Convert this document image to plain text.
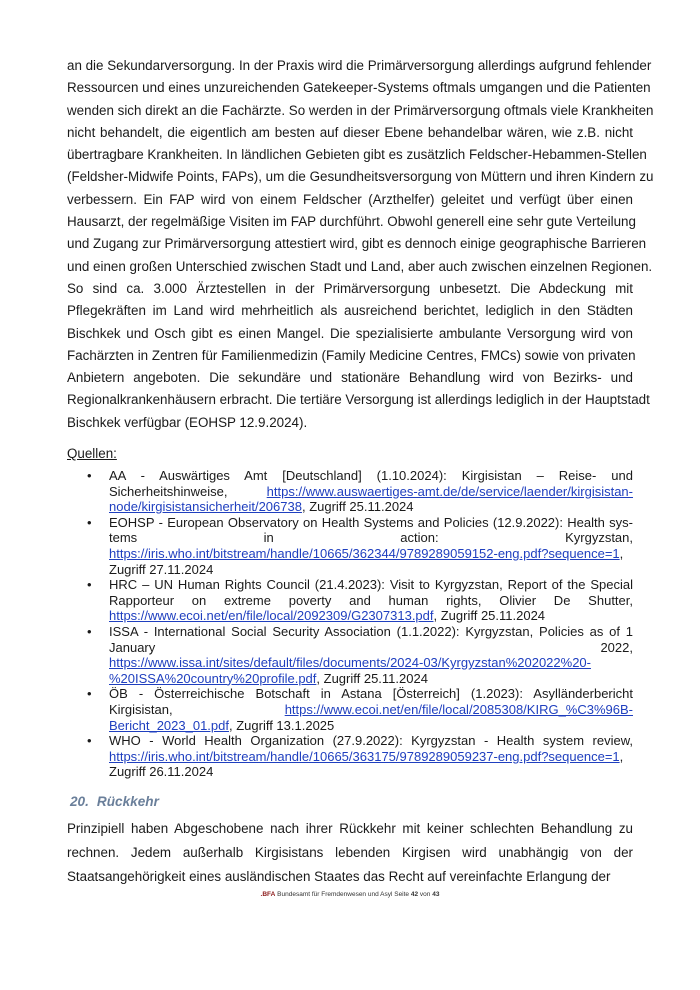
an die Sekundarversorgung. In der Praxis wird die Primärversorgung allerdings aufgrund fehlender
Ressourcen und eines unzureichenden Gatekeeper-Systems oftmals umgangen und die Patienten
wenden sich direkt an die Fachärzte. So werden in der Primärversorgung oftmals viele Krankheiten
nicht behandelt, die eigentlich am besten auf dieser Ebene behandelbar wären, wie z.B. nicht
übertragbare Krankheiten. In ländlichen Gebieten gibt es zusätzlich Feldscher-Hebammen-Stellen
(Feldsher-Midwife Points, FAPs), um die Gesundheitsversorgung von Müttern und ihren Kindern zu
verbessern. Ein FAP wird von einem Feldscher (Arzthelfer) geleitet und verfügt über einen
Hausarzt, der regelmäßige Visiten im FAP durchführt. Obwohl generell eine sehr gute Verteilung
und Zugang zur Primärversorgung attestiert wird, gibt es dennoch einige geographische Barrieren
und einen großen Unterschied zwischen Stadt und Land, aber auch zwischen einzelnen Regionen.
So sind ca. 3.000 Ärztestellen in der Primärversorgung unbesetzt. Die Abdeckung mit
Pflegekräften im Land wird mehrheitlich als ausreichend berichtet, lediglich in den Städten
Bischkek und Osch gibt es einen Mangel. Die spezialisierte ambulante Versorgung wird von
Fachärzten in Zentren für Familienmedizin (Family Medicine Centres, FMCs) sowie von privaten
Anbietern angeboten. Die sekundäre und stationäre Behandlung wird von Bezirks- und
Regionalkrankenhäusern erbracht. Die tertiäre Versorgung ist allerdings lediglich in der Hauptstadt
Bischkek verfügbar (EOHSP 12.9.2024).
Quellen:
• AA - Auswärtiges Amt [Deutschland] (1.10.2024): Kirgisistan – Reise- und
Sicherheitshinweise, https://www.auswaertiges-amt.de/de/service/laender/kirgisistan-
node/kirgisistansicherheit/206738, Zugriff 25.11.2024
• EOHSP - European Observatory on Health Systems and Policies (12.9.2022): Health sys-
tems in action: Kyrgyzstan,
https://iris.who.int/bitstream/handle/10665/362344/9789289059152-eng.pdf?sequence=1,
Zugriff 27.11.2024
• HRC – UN Human Rights Council (21.4.2023): Visit to Kyrgyzstan, Report of the Special
Rapporteur on extreme poverty and human rights, Olivier De Shutter,
https://www.ecoi.net/en/file/local/2092309/G2307313.pdf, Zugriff 25.11.2024
• ISSA - International Social Security Association (1.1.2022): Kyrgyzstan, Policies as of 1
January 2022,
https://www.issa.int/sites/default/files/documents/2024-03/Kyrgyzstan%202022%20-
%20ISSA%20country%20profile.pdf, Zugriff 25.11.2024
• ÖB - Österreichische Botschaft in Astana [Österreich] (1.2023): Asylländerbericht
Kirgisistan, https://www.ecoi.net/en/file/local/2085308/KIRG_%C3%96B-
Bericht_2023_01.pdf, Zugriff 13.1.2025
• WHO - World Health Organization (27.9.2022): Kyrgyzstan - Health system review,
https://iris.who.int/bitstream/handle/10665/363175/9789289059237-eng.pdf?sequence=1,
Zugriff 26.11.2024
20. Rückkehr
Prinzipiell haben Abgeschobene nach ihrer Rückkehr mit keiner schlechten Behandlung zu
rechnen. Jedem außerhalb Kirgisistans lebenden Kirgisen wird unabhängig von der
Staatsangehörigkeit eines ausländischen Staates das Recht auf vereinfachte Erlangung der
.BFA Bundesamt für Fremdenwesen und Asyl Seite 42 von 43
